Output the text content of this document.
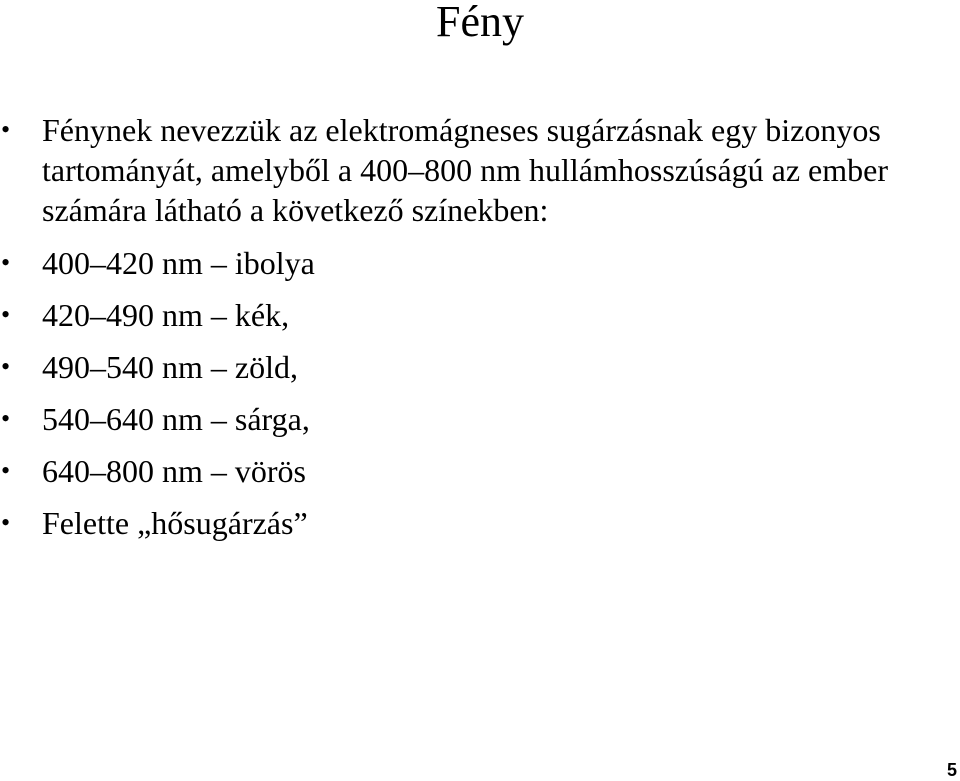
Fény
• Fénynek nevezzük az elektromágneses sugárzásnak egy bizonyos tartományát, amelyből a 400–800 nm hullámhosszúságú az ember számára látható a következő színekben:
• 400–420 nm – ibolya
• 420–490 nm – kék,
• 490–540 nm – zöld,
• 540–640 nm – sárga,
• 640–800 nm – vörös
• Felette „hősugárzás”
5
